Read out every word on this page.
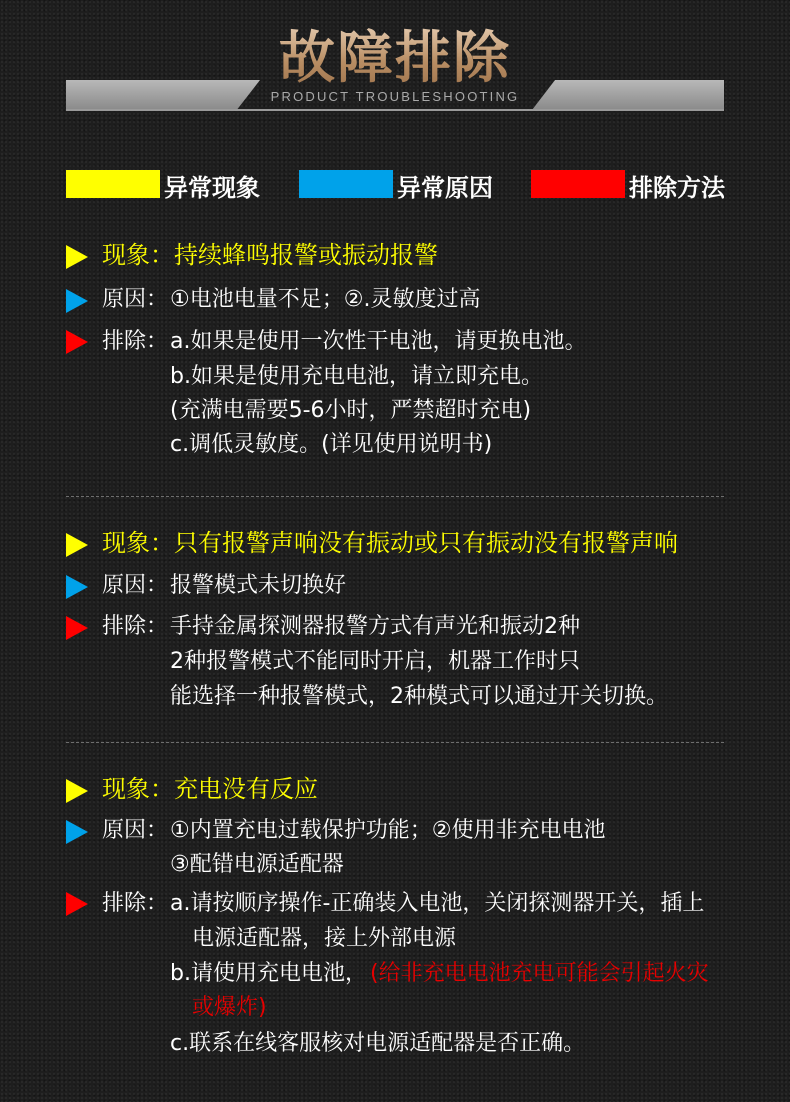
故障排除
PRODUCT TROUBLESHOOTING
异常现象	异常原因	排除方法
现象：持续蜂鸣报警或振动报警
原因： ①电池电量不足；②.灵敏度过高
排除： a.如果是使用一次性干电池，请更换电池。
b.如果是使用充电电池，请立即充电。
(充满电需要5-6小时，严禁超时充电)
c.调低灵敏度。(详见使用说明书)
现象：只有报警声响没有振动或只有振动没有报警声响
原因： 报警模式未切换好
排除： 手持金属探测器报警方式有声光和振动2种
2种报警模式不能同时开启，机器工作时只
能选择一种报警模式，2种模式可以通过开关切换。
现象：充电没有反应
原因： ①内置充电过载保护功能；②使用非充电电池
③配错电源适配器
排除： a.请按顺序操作-正确装入电池，关闭探测器开关，插上
电源适配器，接上外部电源
b.请使用充电电池， (给非充电电池充电可能会引起火灾
或爆炸)
c.联系在线客服核对电源适配器是否正确。
